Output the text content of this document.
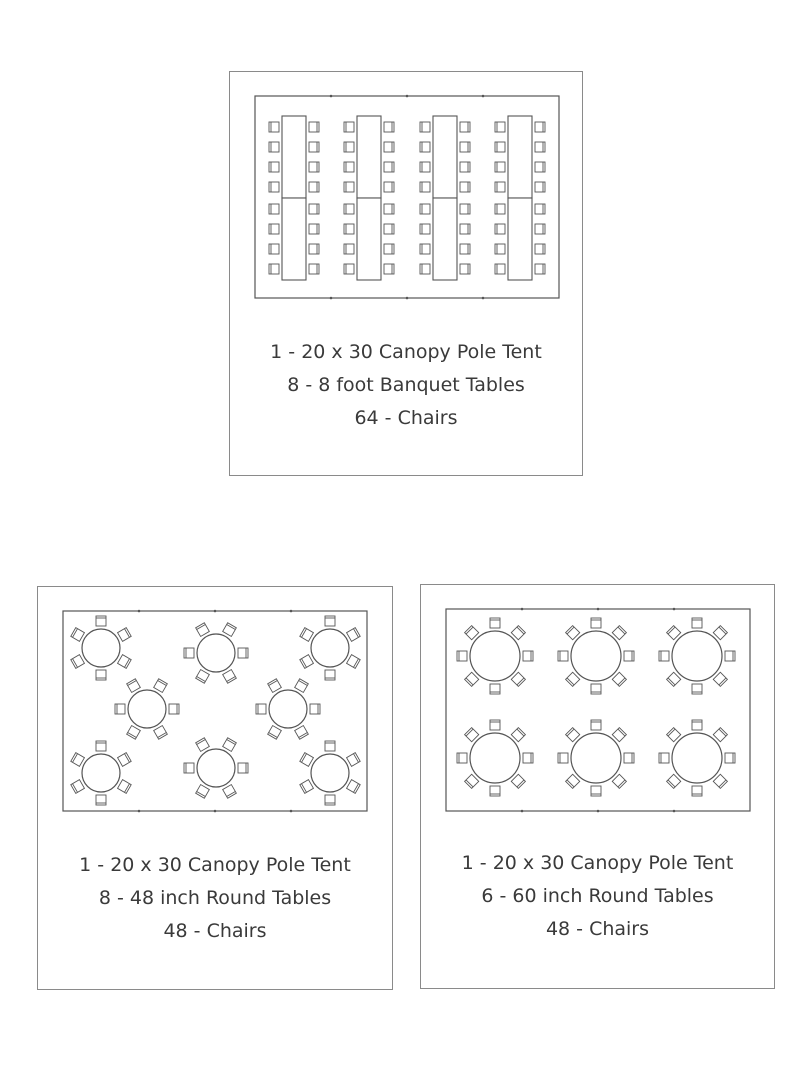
1 - 20 x 30 Canopy Pole Tent
8 - 8 foot Banquet Tables
64 - Chairs
1 - 20 x 30 Canopy Pole Tent
8 - 48 inch Round Tables
48 - Chairs
1 - 20 x 30 Canopy Pole Tent
6 - 60 inch Round Tables
48 - Chairs
